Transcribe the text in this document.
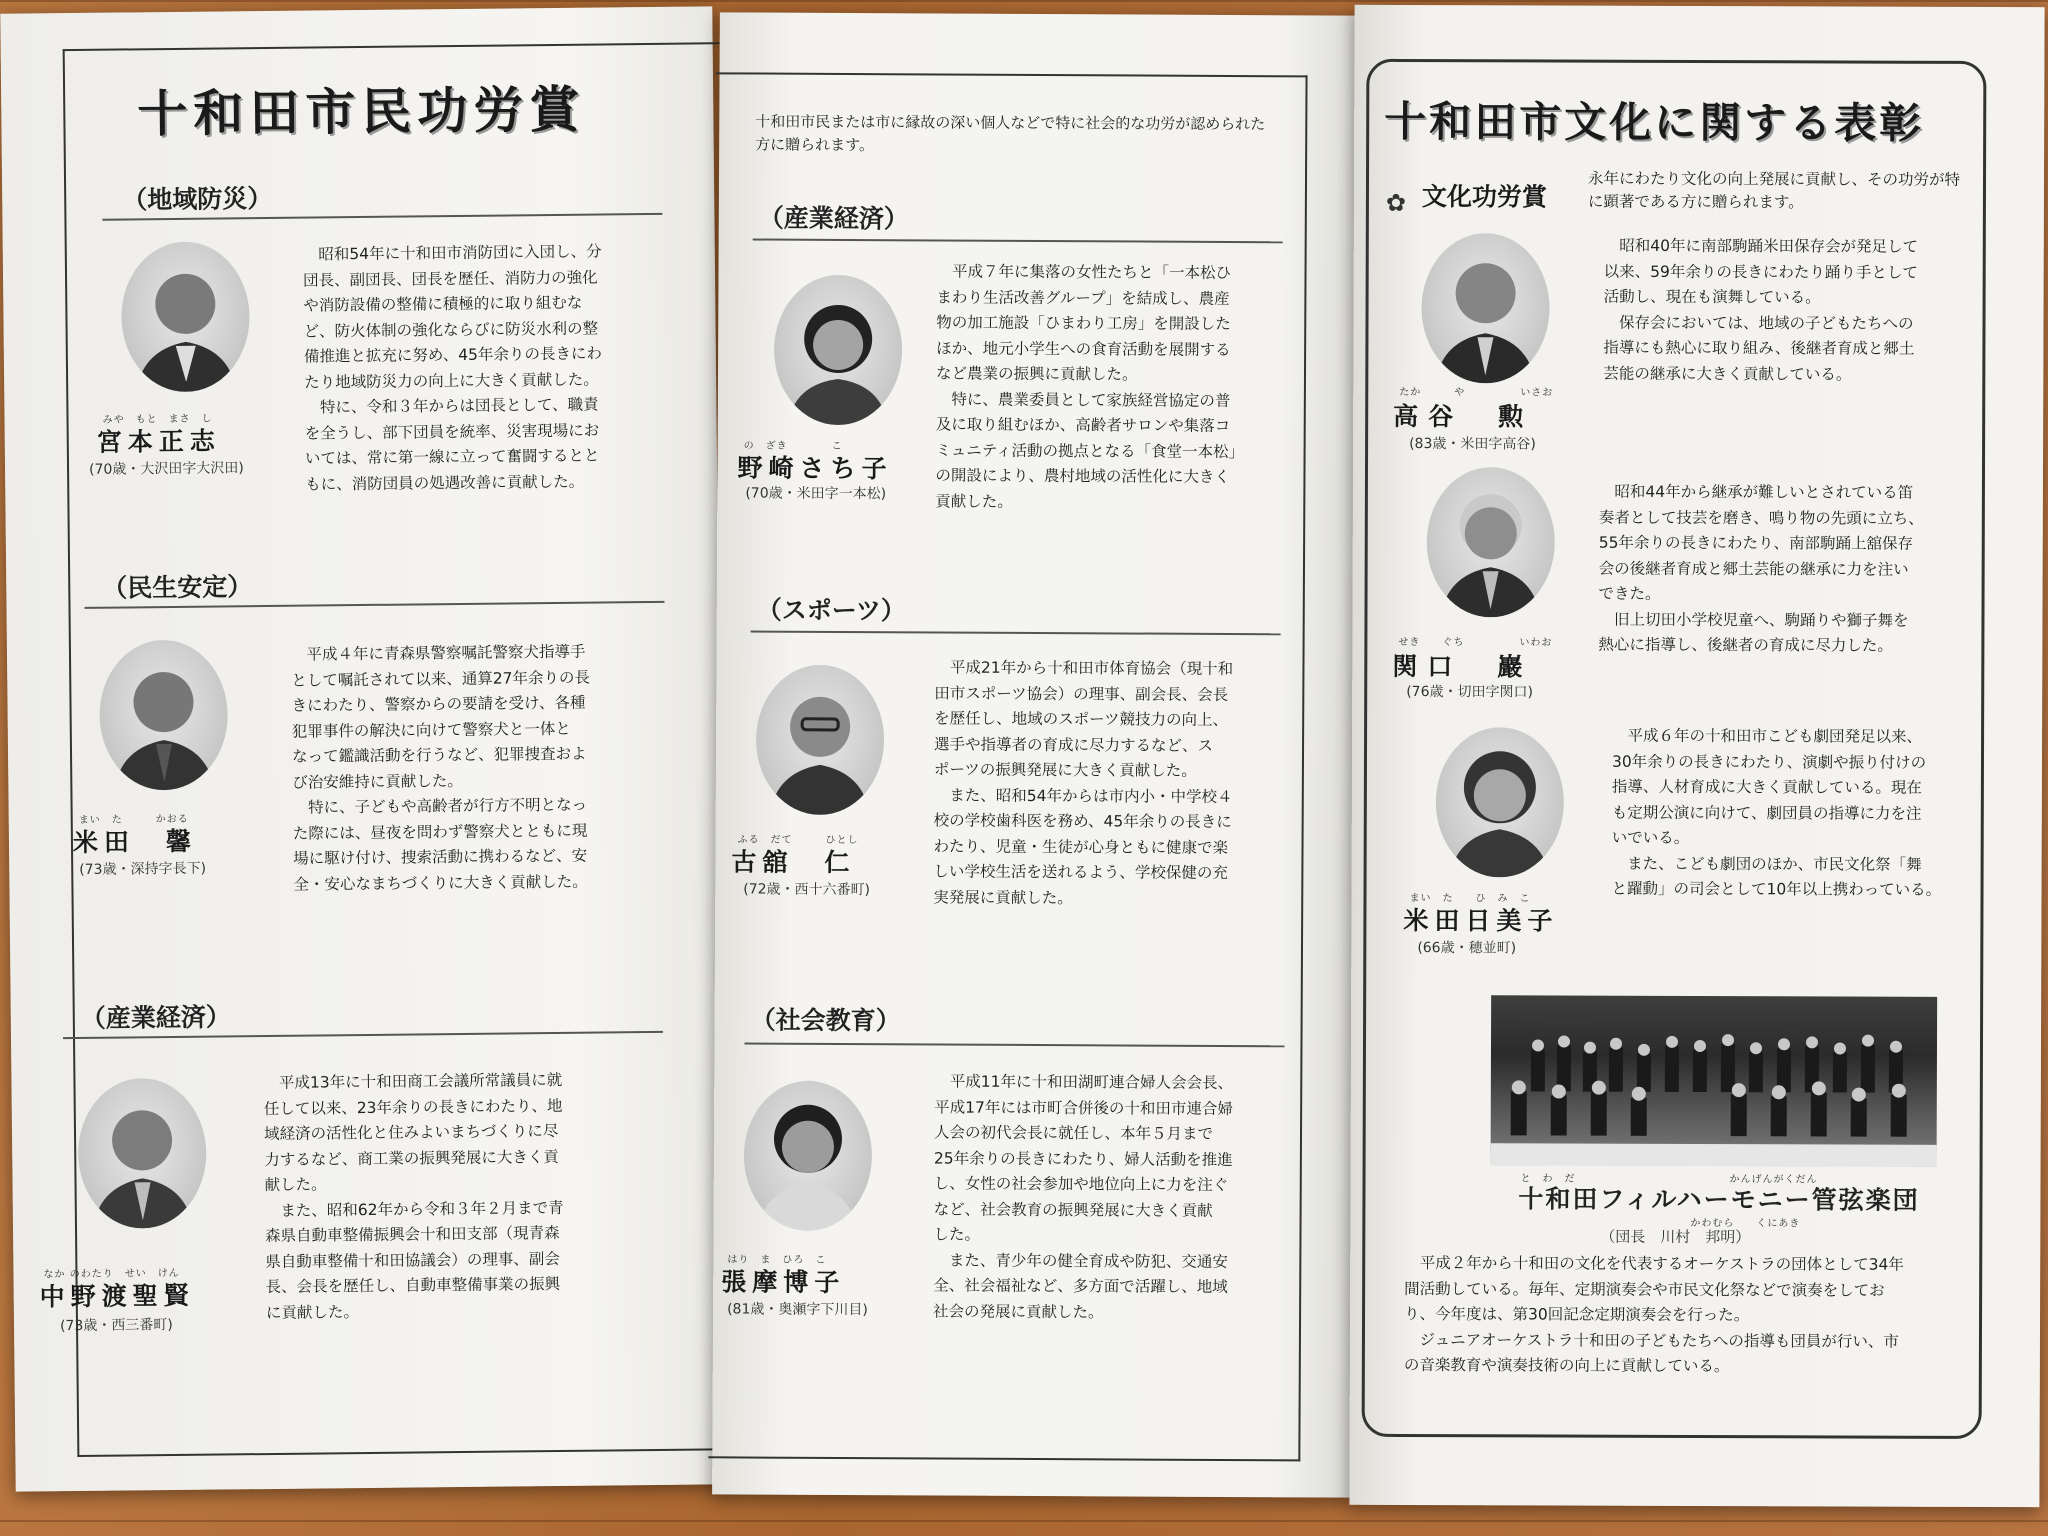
十和田市民功労賞
（地域防災）
みや　もと　まさ　し
宮本正志
(70歳・大沢田字大沢田)
　昭和54年に十和田市消防団に入団し、分
団長、副団長、団長を歴任、消防力の強化
や消防設備の整備に積極的に取り組むな
ど、防火体制の強化ならびに防災水利の整
備推進と拡充に努め、45年余りの長きにわ
たり地域防災力の向上に大きく貢献した。
　特に、令和３年からは団長として、職責
を全うし、部下団員を統率、災害現場にお
いては、常に第一線に立って奮闘するとと
もに、消防団員の処遇改善に貢献した。
（民生安定）
まい　た　　　かおる
米田　馨
(73歳・深持字長下)
　平成４年に青森県警察嘱託警察犬指導手
として嘱託されて以来、通算27年余りの長
きにわたり、警察からの要請を受け、各種
犯罪事件の解決に向けて警察犬と一体と
なって鑑識活動を行うなど、犯罪捜査およ
び治安維持に貢献した。
　特に、子どもや高齢者が行方不明となっ
た際には、昼夜を問わず警察犬とともに現
場に駆け付け、捜索活動に携わるなど、安
全・安心なまちづくりに大きく貢献した。
（産業経済）
なか のわたり　せい　けん
中野渡聖賢
(73歳・西三番町)
　平成13年に十和田商工会議所常議員に就
任して以来、23年余りの長きにわたり、地
域経済の活性化と住みよいまちづくりに尽
力するなど、商工業の振興発展に大きく貢
献した。
　また、昭和62年から令和３年２月まで青
森県自動車整備振興会十和田支部（現青森
県自動車整備十和田協議会）の理事、副会
長、会長を歴任し、自動車整備事業の振興
に貢献した。
十和田市民または市に縁故の深い個人などで特に社会的な功労が認められた方に贈られます。
（産業経済）
の　ざき　　　　こ
野崎さち子
(70歳・米田字一本松)
　平成７年に集落の女性たちと「一本松ひ
まわり生活改善グループ」を結成し、農産
物の加工施設「ひまわり工房」を開設した
ほか、地元小学生への食育活動を展開する
など農業の振興に貢献した。
　特に、農業委員として家族経営協定の普
及に取り組むほか、高齢者サロンや集落コ
ミュニティ活動の拠点となる「食堂一本松」
の開設により、農村地域の活性化に大きく
貢献した。
（スポーツ）
ふる　だて　　　ひとし
古舘　仁
(72歳・西十六番町)
　平成21年から十和田市体育協会（現十和
田市スポーツ協会）の理事、副会長、会長
を歴任し、地域のスポーツ競技力の向上、
選手や指導者の育成に尽力するなど、ス
ポーツの振興発展に大きく貢献した。
　また、昭和54年からは市内小・中学校４
校の学校歯科医を務め、45年余りの長きに
わたり、児童・生徒が心身ともに健康で楽
しい学校生活を送れるよう、学校保健の充
実発展に貢献した。
（社会教育）
はり　ま　ひろ　こ
張摩博子
(81歳・奥瀬字下川目)
　平成11年に十和田湖町連合婦人会会長、
平成17年には市町合併後の十和田市連合婦
人会の初代会長に就任し、本年５月まで
25年余りの長きにわたり、婦人活動を推進
し、女性の社会参加や地位向上に力を注ぐ
など、社会教育の振興発展に大きく貢献
した。
　また、青少年の健全育成や防犯、交通安
全、社会福祉など、多方面で活躍し、地域
社会の発展に貢献した。
十和田市文化に関する表彰
✿ 文化功労賞
永年にわたり文化の向上発展に貢献し、その功労が特に顕著である方に贈られます。
たか　　　や　　　　　いさお
高谷　勲
(83歳・米田字高谷)
　昭和40年に南部駒踊米田保存会が発足して
以来、59年余りの長きにわたり踊り手として
活動し、現在も演舞している。
　保存会においては、地域の子どもたちへの
指導にも熱心に取り組み、後継者育成と郷土
芸能の継承に大きく貢献している。
せき　　ぐち　　　　　いわお
関口　巖
(76歳・切田字関口)
　昭和44年から継承が難しいとされている笛
奏者として技芸を磨き、鳴り物の先頭に立ち、
55年余りの長きにわたり、南部駒踊上舘保存
会の後継者育成と郷土芸能の継承に力を注い
できた。
　旧上切田小学校児童へ、駒踊りや獅子舞を
熱心に指導し、後継者の育成に尽力した。
まい　た　　ひ　み　こ
米田日美子
(66歳・穂並町)
　平成６年の十和田市こども劇団発足以来、
30年余りの長きにわたり、演劇や振り付けの
指導、人材育成に大きく貢献している。現在
も定期公演に向けて、劇団員の指導に力を注
いでいる。
　また、こども劇団のほか、市民文化祭「舞
と躍動」の司会として10年以上携わっている。
と　わ　だ　　　　　　　　　　　　　　かんげんがくだん
十和田フィルハーモニー管弦楽団
かわむら　　くにあき
（団長　川村　邦明）
　平成２年から十和田の文化を代表するオーケストラの団体として34年
間活動している。毎年、定期演奏会や市民文化祭などで演奏をしてお
り、今年度は、第30回記念定期演奏会を行った。
　ジュニアオーケストラ十和田の子どもたちへの指導も団員が行い、市
の音楽教育や演奏技術の向上に貢献している。
